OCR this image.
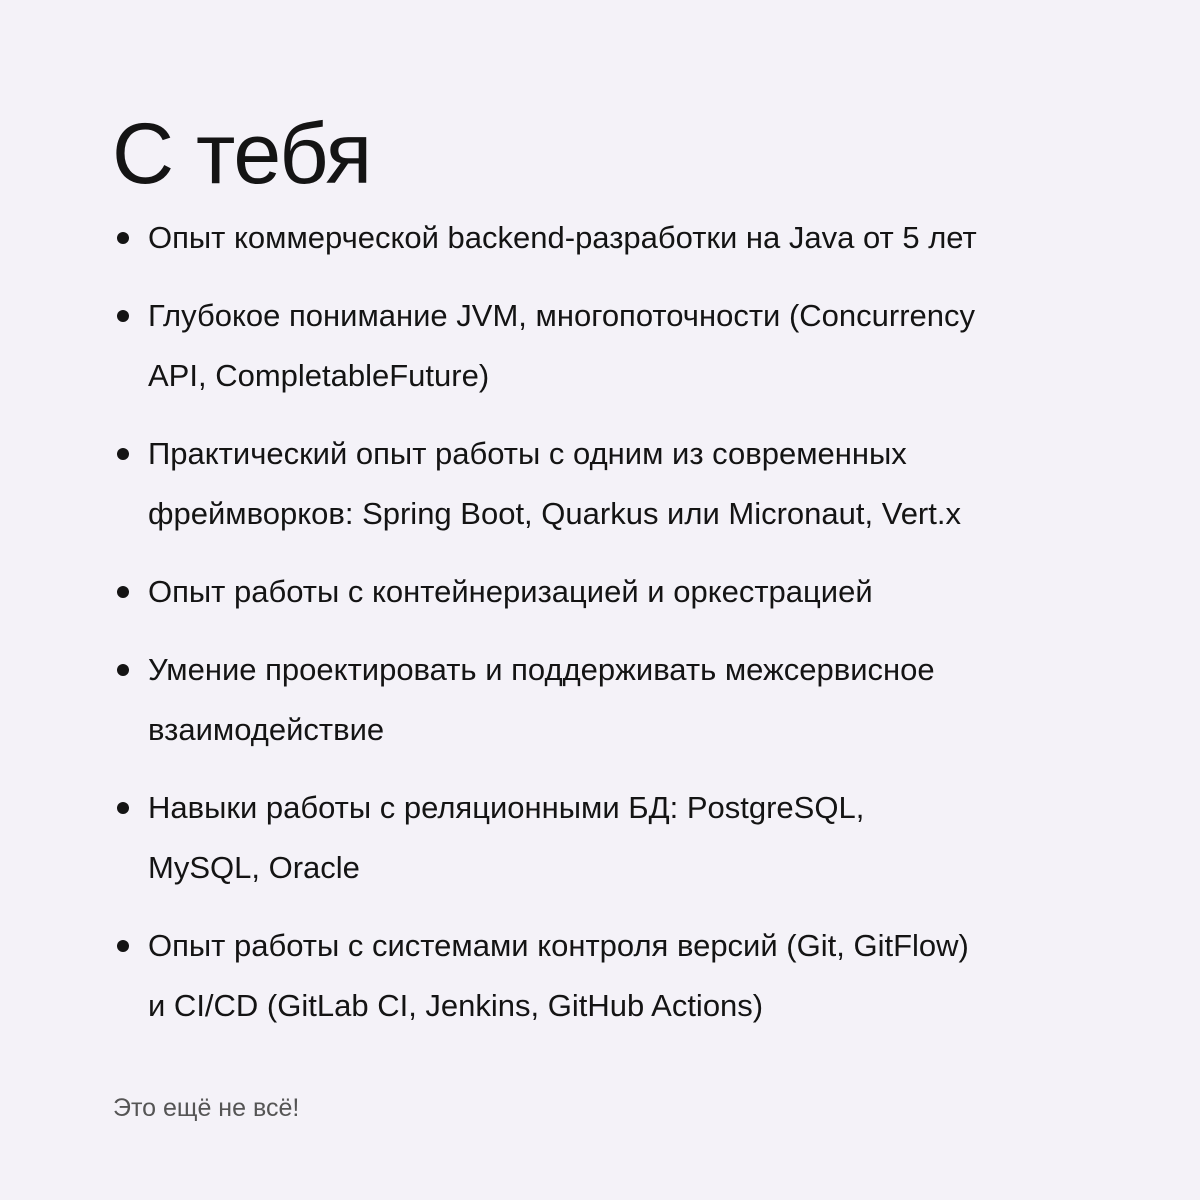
С тебя
Опыт коммерческой backend-разработки на Java от 5 лет
Глубокое понимание JVM, многопоточности (Concurrency
API, CompletableFuture)
Практический опыт работы с одним из современных
фреймворков: Spring Boot, Quarkus или Micronaut, Vert.x
Опыт работы с контейнеризацией и оркестрацией
Умение проектировать и поддерживать межсервисное
взаимодействие
Навыки работы с реляционными БД: PostgreSQL,
MySQL, Oracle
Опыт работы с системами контроля версий (Git, GitFlow)
и CI/CD (GitLab CI, Jenkins, GitHub Actions)
Это ещё не всё!
